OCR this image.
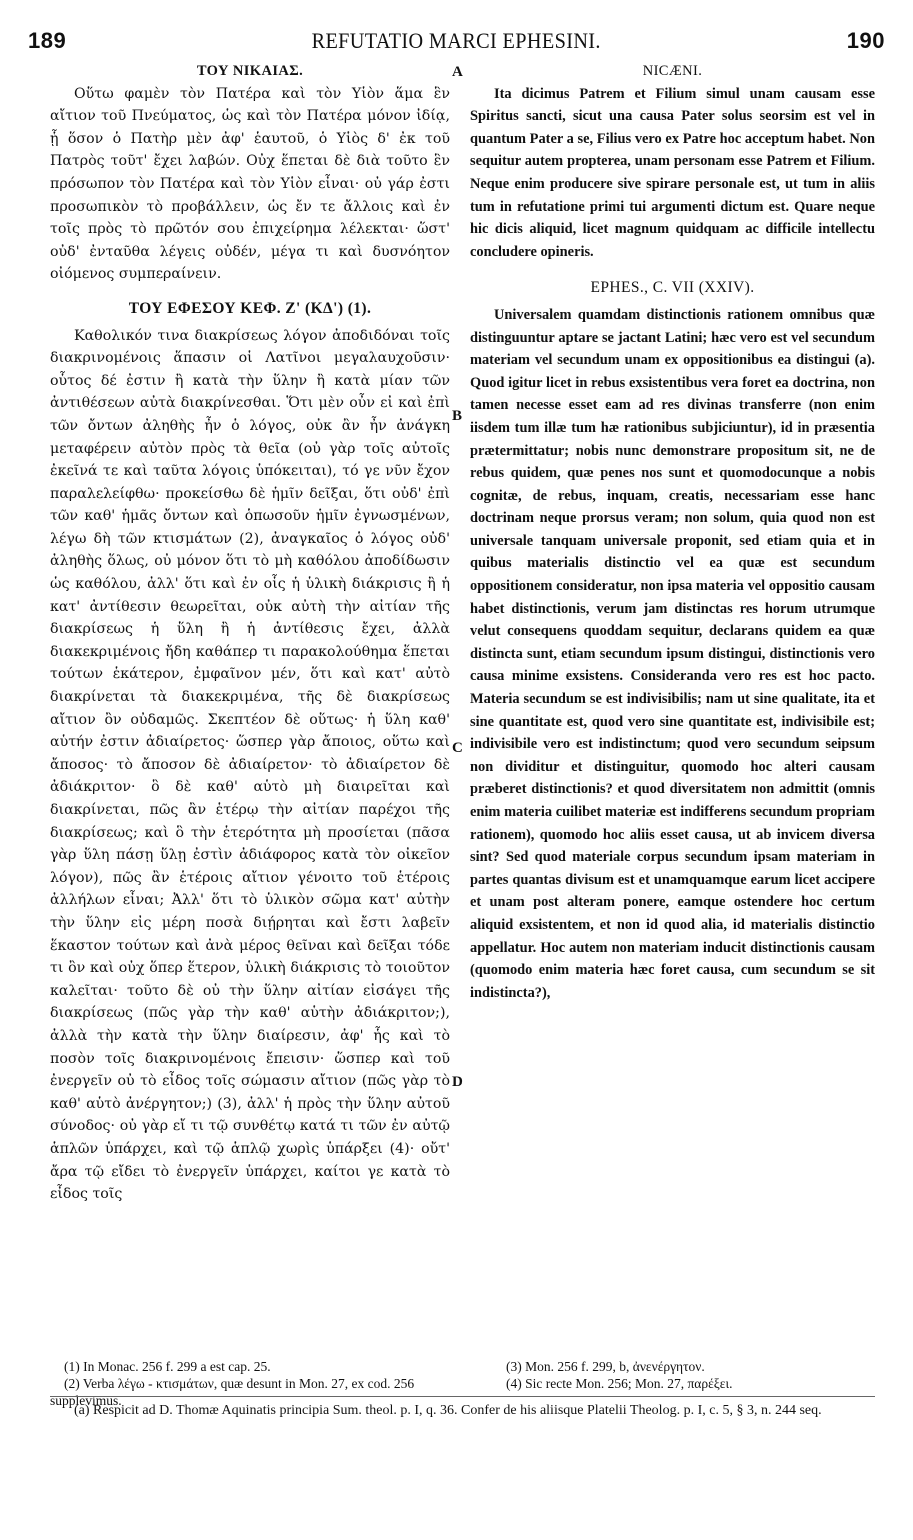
189	REFUTATIO MARCI EPHESINI.	190
A
B
C
D
ΤΟΥ ΝΙΚΑΙΑΣ.

Οὕτω φαμὲν τὸν Πατέρα καὶ τὸν Υἱὸν ἅμα ἓν αἴτιον τοῦ Πνεύματος, ὡς καὶ τὸν Πατέρα μόνον ἰδίᾳ, ᾗ ὅσον ὁ Πατὴρ μὲν ἀφ' ἑαυτοῦ, ὁ Υἱὸς δ' ἐκ τοῦ Πατρὸς τοῦτ' ἔχει λαβών. Οὐχ ἕπεται δὲ διὰ τοῦτο ἓν πρόσωπον τὸν Πατέρα καὶ τὸν Υἱὸν εἶναι· οὐ γάρ ἐστι προσωπικὸν τὸ προβάλλειν, ὡς ἔν τε ἄλλοις καὶ ἐν τοῖς πρὸς τὸ πρῶτόν σου ἐπιχείρημα λέλεκται· ὥστ' οὐδ' ἐνταῦθα λέγεις οὐδέν, μέγα τι καὶ δυσνόητον οἰόμενος συμπεραίνειν.

ΤΟΥ ΕΦΕΣΟΥ ΚΕΦ. Ζ' (ΚΔ') (1).

Καθολικόν τινα διακρίσεως λόγον ἀποδιδόναι τοῖς διακρινομένοις ἅπασιν οἱ Λατῖνοι μεγαλαυχοῦσιν· οὗτος δέ ἐστιν ἢ κατὰ τὴν ὕλην ἢ κατὰ μίαν τῶν ἀντιθέσεων αὐτὰ διακρίνεσθαι. Ὅτι μὲν οὖν εἰ καὶ ἐπὶ τῶν ὄντων ἀληθὴς ἦν ὁ λόγος, οὐκ ἂν ἦν ἀνάγκη μεταφέρειν αὐτὸν πρὸς τὰ θεῖα (οὐ γὰρ τοῖς αὐτοῖς ἐκεῖνά τε καὶ ταῦτα λόγοις ὑπόκειται), τό γε νῦν ἔχον παραλελείφθω· προκείσθω δὲ ἡμῖν δεῖξαι, ὅτι οὐδ' ἐπὶ τῶν καθ' ἡμᾶς ὄντων καὶ ὁπωσοῦν ἡμῖν ἐγνωσμένων, λέγω δὴ τῶν κτισμάτων (2), ἀναγκαῖος ὁ λόγος οὐδ' ἀληθὴς ὅλως, οὐ μόνον ὅτι τὸ μὴ καθόλου ἀποδίδωσιν ὡς καθόλου, ἀλλ' ὅτι καὶ ἐν οἷς ἡ ὑλικὴ διάκρισις ἢ ἡ κατ' ἀντίθεσιν θεωρεῖται, οὐκ αὐτὴ τὴν αἰτίαν τῆς διακρίσεως ἡ ὕλη ἢ ἡ ἀντίθεσις ἔχει, ἀλλὰ διακεκριμένοις ἤδη καθάπερ τι παρακολούθημα ἕπεται τούτων ἑκάτερον, ἐμφαῖνον μέν, ὅτι καὶ κατ' αὐτὸ διακρίνεται τὰ διακεκριμένα, τῆς δὲ διακρίσεως αἴτιον ὂν οὐδαμῶς. Σκεπτέον δὲ οὕτως· ἡ ὕλη καθ' αὑτήν ἐστιν ἀδιαίρετος· ὥσπερ γὰρ ἄποιος, οὕτω καὶ ἄποσος· τὸ ἄποσον δὲ ἀδιαίρετον· τὸ ἀδιαίρετον δὲ ἀδιάκριτον· ὃ δὲ καθ' αὑτὸ μὴ διαιρεῖται καὶ διακρίνεται, πῶς ἂν ἑτέρῳ τὴν αἰτίαν παρέχοι τῆς διακρίσεως; καὶ ὃ τὴν ἑτερότητα μὴ προσίεται (πᾶσα γὰρ ὕλη πάσῃ ὕλῃ ἐστὶν ἀδιάφορος κατὰ τὸν οἰκεῖον λόγον), πῶς ἂν ἑτέροις αἴτιον γένοιτο τοῦ ἑτέροις ἀλλήλων εἶναι; Ἀλλ' ὅτι τὸ ὑλικὸν σῶμα κατ' αὐτὴν τὴν ὕλην εἰς μέρη ποσὰ διῄρηται καὶ ἔστι λαβεῖν ἕκαστον τούτων καὶ ἀνὰ μέρος θεῖναι καὶ δεῖξαι τόδε τι ὂν καὶ οὐχ ὅπερ ἕτερον, ὑλικὴ διάκρισις τὸ τοιοῦτον καλεῖται· τοῦτο δὲ οὐ τὴν ὕλην αἰτίαν εἰσάγει τῆς διακρίσεως (πῶς γὰρ τὴν καθ' αὑτὴν ἀδιάκριτον;), ἀλλὰ τὴν κατὰ τὴν ὕλην διαίρεσιν, ἀφ' ἧς καὶ τὸ ποσὸν τοῖς διακρινομένοις ἔπεισιν· ὥσπερ καὶ τοῦ ἐνεργεῖν οὐ τὸ εἶδος τοῖς σώμασιν αἴτιον (πῶς γὰρ τὸ καθ' αὑτὸ ἀνέργητον;) (3), ἀλλ' ἡ πρὸς τὴν ὕλην αὐτοῦ σύνοδος· οὐ γὰρ εἴ τι τῷ συνθέτῳ κατά τι τῶν ἐν αὐτῷ ἁπλῶν ὑπάρχει, καὶ τῷ ἁπλῷ χωρὶς ὑπάρξει (4)· οὔτ' ἄρα τῷ εἴδει τὸ ἐνεργεῖν ὑπάρχει, καίτοι γε κατὰ τὸ εἶδος τοῖς

NICÆNI.

Ita dicimus Patrem et Filium simul unam causam esse Spiritus sancti, sicut una causa Pater solus seorsim est vel in quantum Pater a se, Filius vero ex Patre hoc acceptum habet. Non sequitur autem propterea, unam personam esse Patrem et Filium. Neque enim producere sive spirare personale est, ut tum in aliis tum in refutatione primi tui argumenti dictum est. Quare neque hic dicis aliquid, licet magnum quidquam ac difficile intellectu concludere opineris.

EPHES., C. VII (XXIV).

Universalem quamdam distinctionis rationem omnibus quæ distinguuntur aptare se jactant Latini; hæc vero est vel secundum materiam vel secundum unam ex oppositionibus ea distingui (a). Quod igitur licet in rebus exsistentibus vera foret ea doctrina, non tamen necesse esset eam ad res divinas transferre (non enim iisdem tum illæ tum hæ rationibus subjiciuntur), id in præsentia prætermittatur; nobis nunc demonstrare propositum sit, ne de rebus quidem, quæ penes nos sunt et quomodocunque a nobis cognitæ, de rebus, inquam, creatis, necessariam esse hanc doctrinam neque prorsus veram; non solum, quia quod non est universale tanquam universale proponit, sed etiam quia et in quibus materialis distinctio vel ea quæ est secundum oppositionem consideratur, non ipsa materia vel oppositio causam habet distinctionis, verum jam distinctas res horum utrumque velut consequens quoddam sequitur, declarans quidem ea quæ distincta sunt, etiam secundum ipsum distingui, distinctionis vero causa minime exsistens. Consideranda vero res est hoc pacto. Materia secundum se est indivisibilis; nam ut sine qualitate, ita et sine quantitate est, quod vero sine quantitate est, indivisibile est; indivisibile vero est indistinctum; quod vero secundum seipsum non dividitur et distinguitur, quomodo hoc alteri causam præberet distinctionis? et quod diversitatem non admittit (omnis enim materia cuilibet materiæ est indifferens secundum propriam rationem), quomodo hoc aliis esset causa, ut ab invicem diversa sint? Sed quod materiale corpus secundum ipsam materiam in partes quantas divisum est et unamquamque earum licet accipere et unam post alteram ponere, eamque ostendere hoc certum aliquid exsistentem, et non id quod alia, id materialis distinctio appellatur. Hoc autem non materiam inducit distinctionis causam (quomodo enim materia hæc foret causa, cum secundum se sit indistincta?),

(1) In Monac. 256 f. 299 a est cap. 25.
(2) Verba λέγω - κτισμάτων, quæ desunt in Mon. 27, ex cod. 256 supplevimus.
(3) Mon. 256 f. 299, b, ἀνενέργητον.
(4) Sic recte Mon. 256; Mon. 27, παρέξει.
(a) Respicit ad D. Thomæ Aquinatis principia Sum. theol. p. I, q. 36. Confer de his aliisque Platelii Theolog. p. I, c. 5, § 3, n. 244 seq.
